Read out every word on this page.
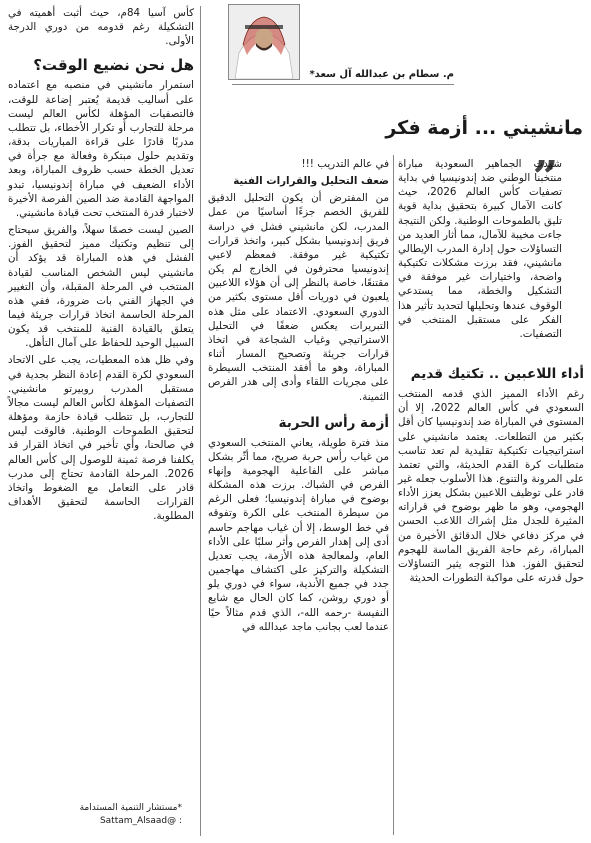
م. سطام بن عبدالله آل سعد*
مانشيني ... أزمة فكر
”

شهدت الجماهير السعودية مباراة منتخبنا الوطني ضد إندونيسيا في بداية تصفيات كأس العالم 2026، حيث كانت الآمال كبيرة بتحقيق بداية قوية تليق بالطموحات الوطنية. ولكن النتيجة جاءت مخيبة للآمال، مما أثار العديد من التساؤلات حول إدارة المدرب الإيطالي مانشيني، فقد برزت مشكلات تكتيكية واضحة، واختيارات غير موفقة في التشكيل والخطة، مما يستدعي الوقوف عندها وتحليلها لتحديد تأثير هذا الفكر على مستقبل المنتخب في التصفيات.

أداء اللاعبين .. تكتيك قديم

رغم الأداء المميز الذي قدمه المنتخب السعودي في كأس العالم 2022، إلا أن المستوى في المباراة ضد إندونيسيا كان أقل بكثير من التطلعات. يعتمد مانشيني على استراتيجيات تكتيكية تقليدية لم تعد تناسب متطلبات كرة القدم الحديثة، والتي تعتمد على المرونة والتنوع. هذا الأسلوب جعله غير قادر على توظيف اللاعبين بشكل يعزز الأداء الهجومي، وهو ما ظهر بوضوح في قراراته المثيرة للجدل مثل إشراك اللاعب الحسن في مركز دفاعي خلال الدقائق الأخيرة من المباراة، رغم حاجة الفريق الماسة للهجوم لتحقيق الفوز. هذا التوجه يثير التساؤلات حول قدرته على مواكبة التطورات الحديثة

في عالم التدريب !!!

ضعف التحليل والقرارات الفنية

من المفترض أن يكون التحليل الدقيق للفريق الخصم جزءًا أساسيًا من عمل المدرب، لكن مانشيني فشل في دراسة فريق إندونيسيا بشكل كبير، واتخذ قرارات تكتيكية غير موفقة. فمعظم لاعبي إندونيسيا محترفون في الخارج لم يكن مقتنعًا، خاصة بالنظر إلى أن هؤلاء اللاعبين يلعبون في دوريات أقل مستوى بكثير من الدوري السعودي. الاعتماد على مثل هذه التبريرات يعكس ضعفًا في التحليل الاستراتيجي وغياب الشجاعة في اتخاذ قرارات جريئة وتصحيح المسار أثناء المباراة، وهو ما أفقد المنتخب السيطرة على مجريات اللقاء وأدى إلى هدر الفرص الثمينة.

أزمة رأس الحربة

منذ فترة طويلة، يعاني المنتخب السعودي من غياب رأس حربة صريح، مما أثّر بشكل مباشر على الفاعلية الهجومية وإنهاء الفرص في الشباك. برزت هذه المشكلة بوضوح في مباراة إندونيسيا؛ فعلى الرغم من سيطرة المنتخب على الكرة وتفوقه في خط الوسط، إلا أن غياب مهاجم حاسم أدى إلى إهدار الفرص وأثر سلبًا على الأداء العام، ولمعالجة هذه الأزمة، يجب تعديل التشكيلة والتركيز على اكتشاف مهاجمين جدد في جميع الأندية، سواء في دوري يلو أو دوري روشن، كما كان الحال مع شايع النفيسة -رحمه الله-، الذي قدم مثالاً حيًا عندما لعب بجانب ماجد عبدالله في

كأس آسيا 84م، حيث أثبت أهميته في التشكيلة رغم قدومه من دوري الدرجة الأولى.

هل نحن نضيع الوقت؟

استمرار مانشيني في منصبه مع اعتماده على أساليب قديمة يُعتبر إضاعة للوقت، فالتصفيات المؤهلة لكأس العالم ليست مرحلة للتجارب أو تكرار الأخطاء، بل تتطلب مدربًا قادرًا على قراءة المباريات بدقة، وتقديم حلول مبتكرة وفعالة مع جرأة في تعديل الخطة حسب ظروف المباراة، وبعد الأداء الضعيف في مباراة إندونيسيا، تبدو المواجهة القادمة ضد الصين الفرصة الأخيرة لاختبار قدرة المنتخب تحت قيادة مانشيني.

الصين ليست خصمًا سهلاً، والفريق سيحتاج إلى تنظيم وتكتيك مميز لتحقيق الفوز. الفشل في هذه المباراة قد يؤكد أن مانشيني ليس الشخص المناسب لقيادة المنتخب في المرحلة المقبلة، وأن التغيير في الجهاز الفني بات ضرورة، ففي هذه المرحلة الحاسمة اتخاذ قرارات جريئة فيما يتعلق بالقيادة الفنية للمنتخب قد يكون السبيل الوحيد للحفاظ على آمال التأهل.

وفي ظل هذه المعطيات، يجب على الاتحاد السعودي لكرة القدم إعادة النظر بجدية في مستقبل المدرب روبيرتو مانشيني. التصفيات المؤهلة لكأس العالم ليست مجالاً للتجارب، بل تتطلب قيادة حازمة ومؤهلة لتحقيق الطموحات الوطنية. فالوقت ليس في صالحنا، وأي تأخير في اتخاذ القرار قد يكلفنا فرصة ثمينة للوصول إلى كأس العالم 2026. المرحلة القادمة تحتاج إلى مدرب قادر على التعامل مع الضغوط واتخاذ القرارات الحاسمة لتحقيق الأهداف المطلوبة.

*مستشار التنمية المستدامة
Sattam_Alsaad@ :
